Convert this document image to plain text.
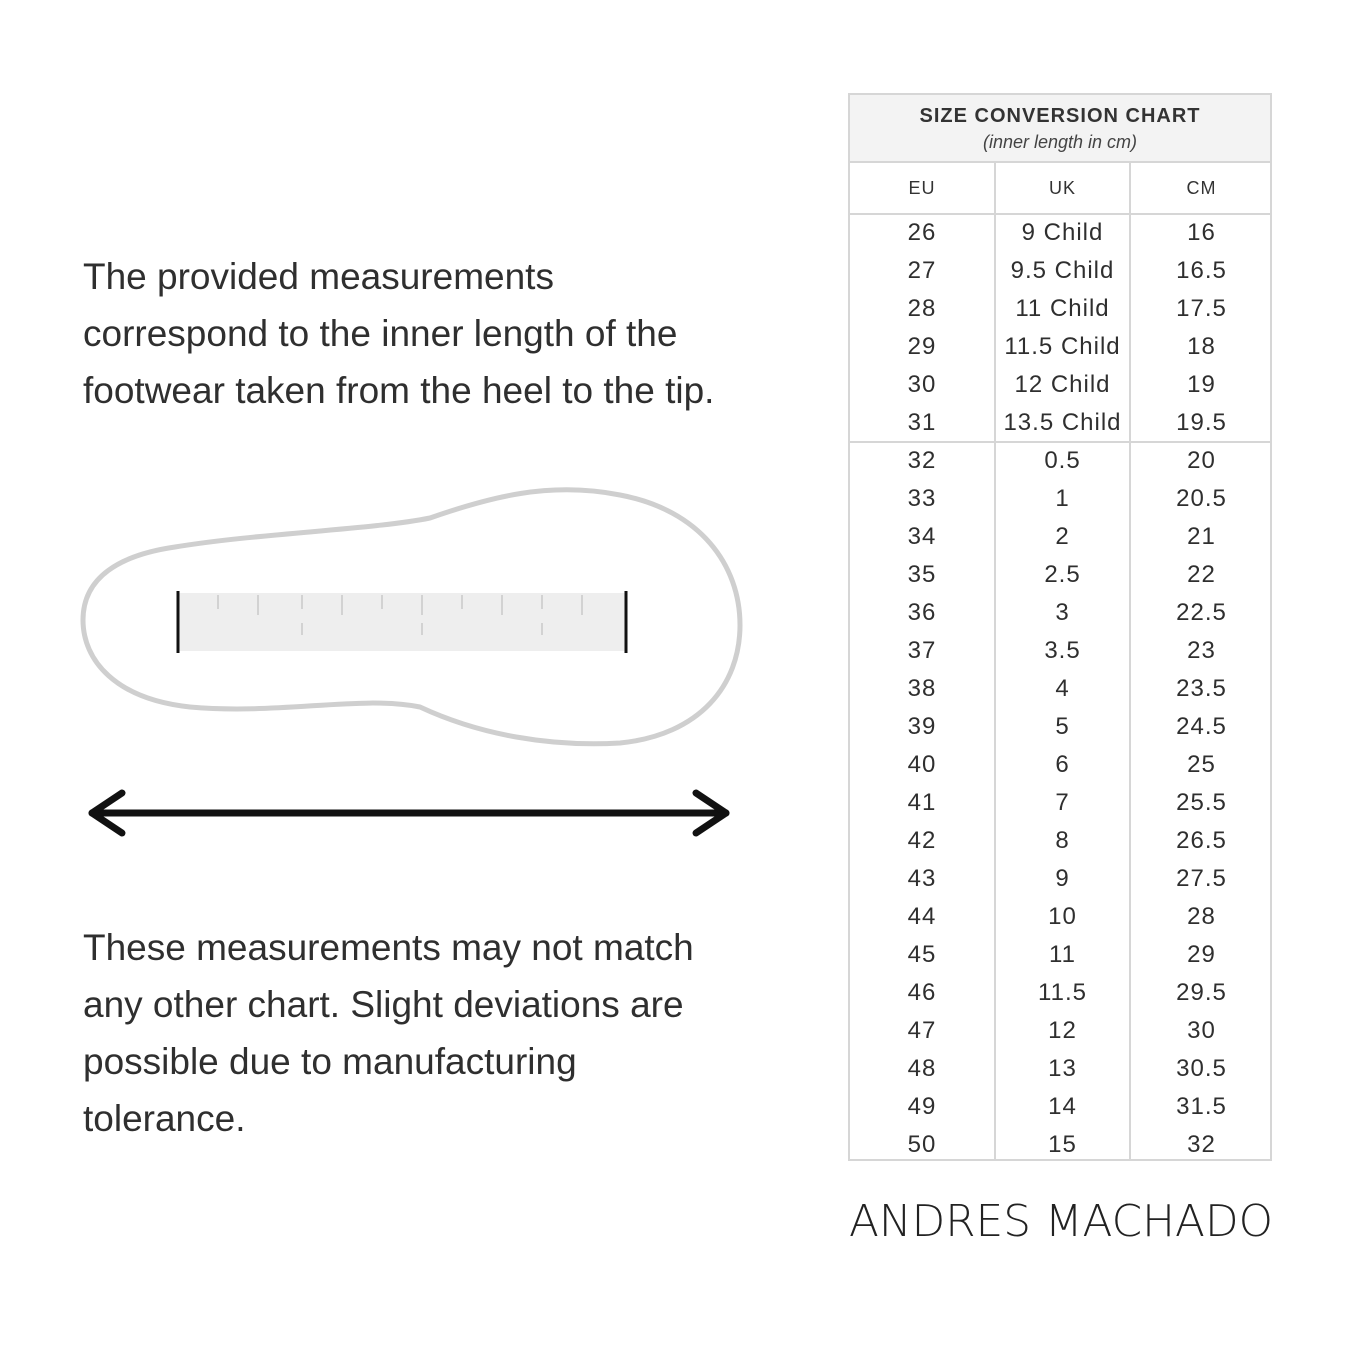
The provided measurements
correspond to the inner length of the
footwear taken from the heel to the tip.
These measurements may not match
any other chart. Slight deviations are
possible due to manufacturing
tolerance.
SIZE CONVERSION CHART
(inner length in cm)
EU	UK	CM
26	9 Child	16
27	9.5 Child	16.5
28	11 Child	17.5
29	11.5 Child	18
30	12 Child	19
31	13.5 Child	19.5
32	0.5	20
33	1	20.5
34	2	21
35	2.5	22
36	3	22.5
37	3.5	23
38	4	23.5
39	5	24.5
40	6	25
41	7	25.5
42	8	26.5
43	9	27.5
44	10	28
45	11	29
46	11.5	29.5
47	12	30
48	13	30.5
49	14	31.5
50	15	32
ANDRES MACHADO
